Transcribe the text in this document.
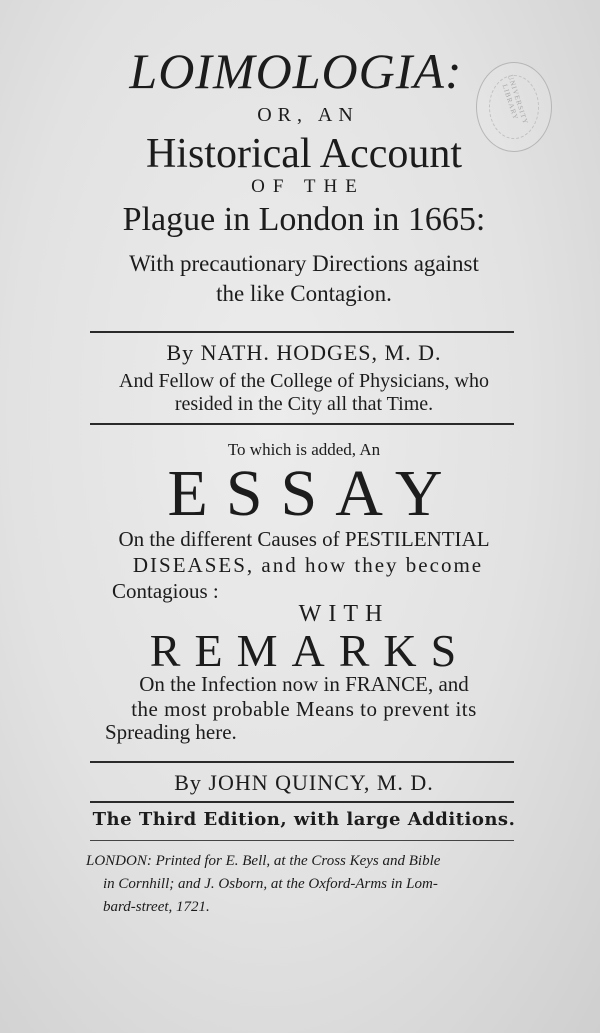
UNIVERSITY LIBRARY
LOIMOLOGIA:
OR, AN
Historical Account
OF THE
Plague in London in 1665:
With precautionary Directions against
the like Contagion.
By NATH. HODGES, M. D.
And Fellow of the College of Physicians, who
resided in the City all that Time.
To which is added, An
ESSAY
On the different Causes of PESTILENTIAL
DISEASES, and how they become
Contagious :
WITH
REMARKS
On the Infection now in FRANCE, and
the most probable Means to prevent its
Spreading here.
By JOHN QUINCY, M. D.
The Third Edition, with large Additions.
LONDON: Printed for E. Bell, at the Cross Keys and Bible
in Cornhill; and J. Osborn, at the Oxford-Arms in Lom-
bard-street, 1721.
